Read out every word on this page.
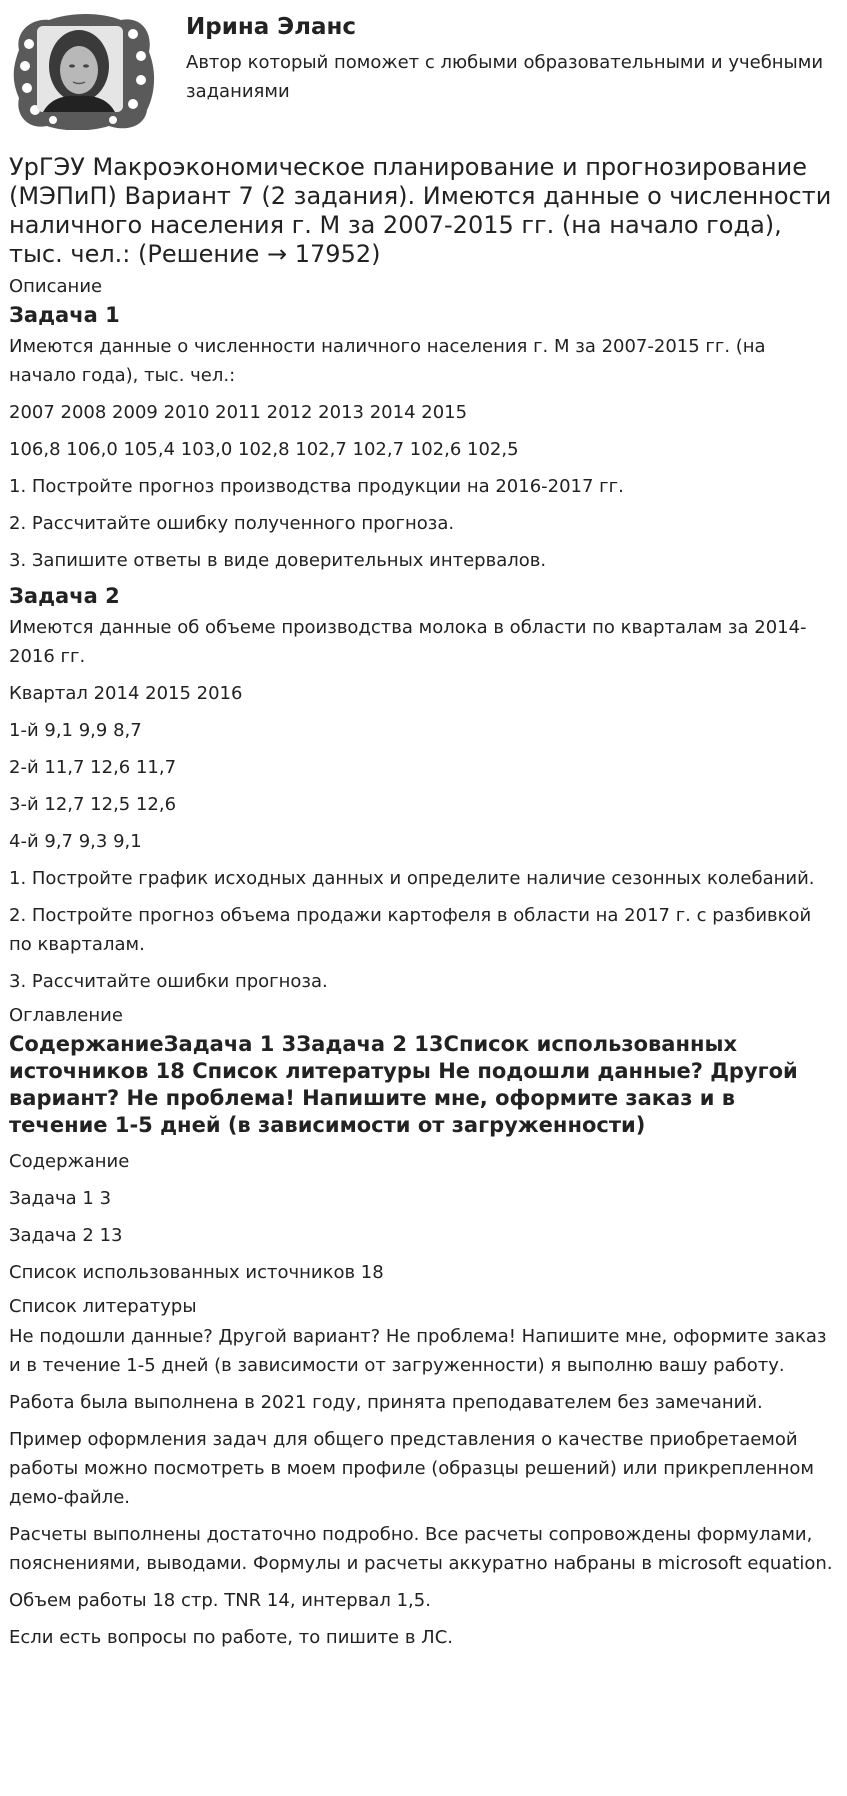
Ирина Эланс
Автор который поможет с любыми образовательными и учебными заданиями
УрГЭУ Макроэкономическое планирование и прогнозирование (МЭПиП) Вариант 7 (2 задания). Имеются данные о численности наличного населения г. М за 2007-2015 гг. (на начало года), тыс. чел.: (Решение → 17952)
Описание
Задача 1
Имеются данные о численности наличного населения г. М за 2007-2015 гг. (на начало года), тыс. чел.:
2007 2008 2009 2010 2011 2012 2013 2014 2015
106,8 106,0 105,4 103,0 102,8 102,7 102,7 102,6 102,5
1. Постройте прогноз производства продукции на 2016-2017 гг.
2. Рассчитайте ошибку полученного прогноза.
3. Запишите ответы в виде доверительных интервалов.
Задача 2
Имеются данные об объеме производства молока в области по кварталам за 2014-2016 гг.
Квартал 2014 2015 2016
1-й 9,1 9,9 8,7
2-й 11,7 12,6 11,7
3-й 12,7 12,5 12,6
4-й 9,7 9,3 9,1
1. Постройте график исходных данных и определите наличие сезонных колебаний.
2. Постройте прогноз объема продажи картофеля в области на 2017 г. с разбивкой по кварталам.
3. Рассчитайте ошибки прогноза.
Оглавление
СодержаниеЗадача 1 3Задача 2 13Список использованных источников 18 Список литературы Не подошли данные? Другой вариант? Не проблема! Напишите мне, оформите заказ и в течение 1-5 дней (в зависимости от загруженности)
Содержание
Задача 1 3
Задача 2 13
Список использованных источников 18
Список литературы
Не подошли данные? Другой вариант? Не проблема! Напишите мне, оформите заказ и в течение 1-5 дней (в зависимости от загруженности) я выполню вашу работу.
Работа была выполнена в 2021 году, принята преподавателем без замечаний.
Пример оформления задач для общего представления о качестве приобретаемой работы можно посмотреть в моем профиле (образцы решений) или прикрепленном демо-файле.
Расчеты выполнены достаточно подробно. Все расчеты сопровождены формулами, пояснениями, выводами. Формулы и расчеты аккуратно набраны в microsoft equation.
Объем работы 18 стр. TNR 14, интервал 1,5.
Если есть вопросы по работе, то пишите в ЛС.
